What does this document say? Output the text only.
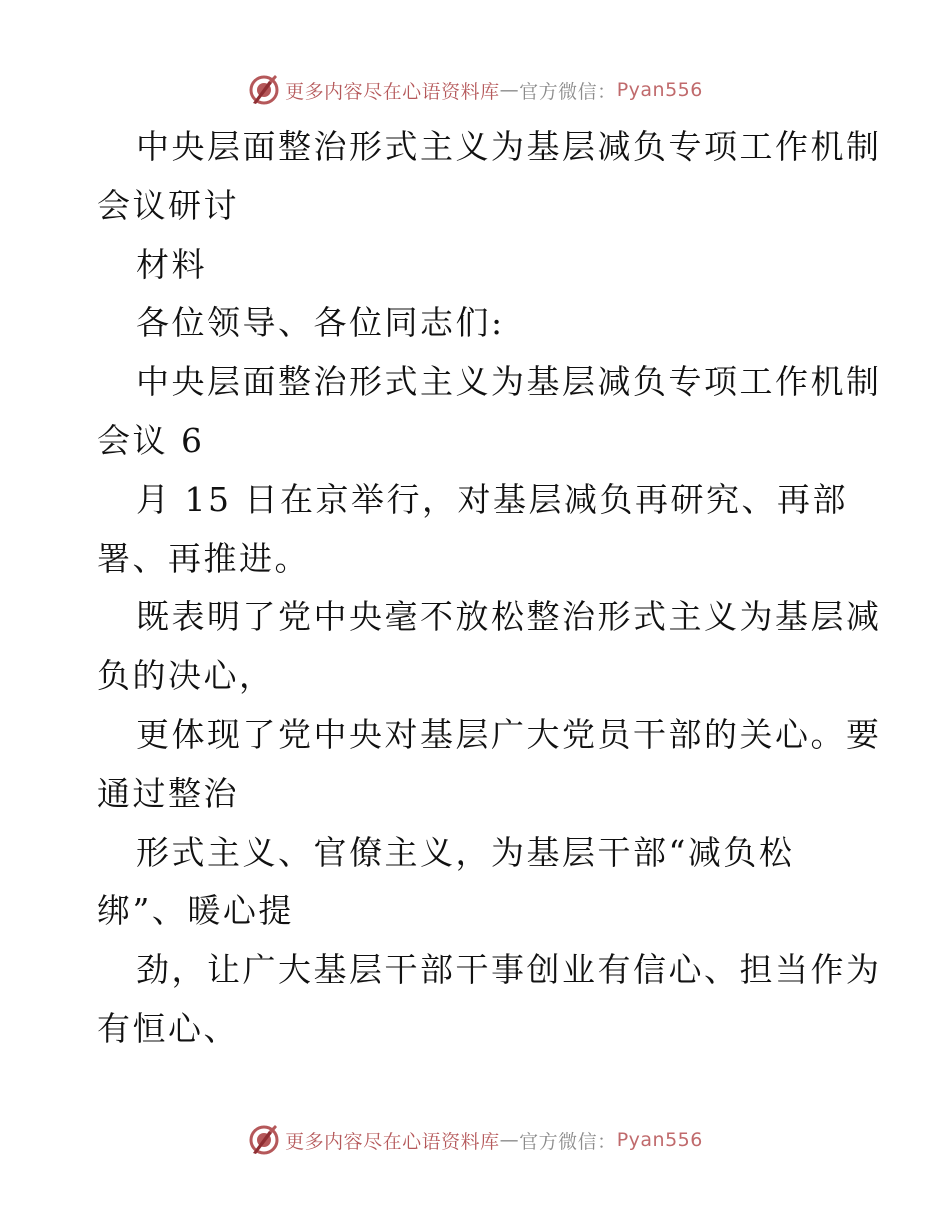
更多内容尽在心语资料库 — 官方微信： Pyan556
中央层面整治形式主义为基层减负专项工作机制
会议研讨
材料
各位领导、各位同志们:
中央层面整治形式主义为基层减负专项工作机制
会议 6
月 15 日在京举行，对基层减负再研究、再部
署、再推进。
既表明了党中央毫不放松整治形式主义为基层减
负的决心，
更体现了党中央对基层广大党员干部的关心。要
通过整治
形式主义、官僚主义，为基层干部“减负松
绑”、暖心提
劲，让广大基层干部干事创业有信心、担当作为
有恒心、
更多内容尽在心语资料库 — 官方微信： Pyan556
